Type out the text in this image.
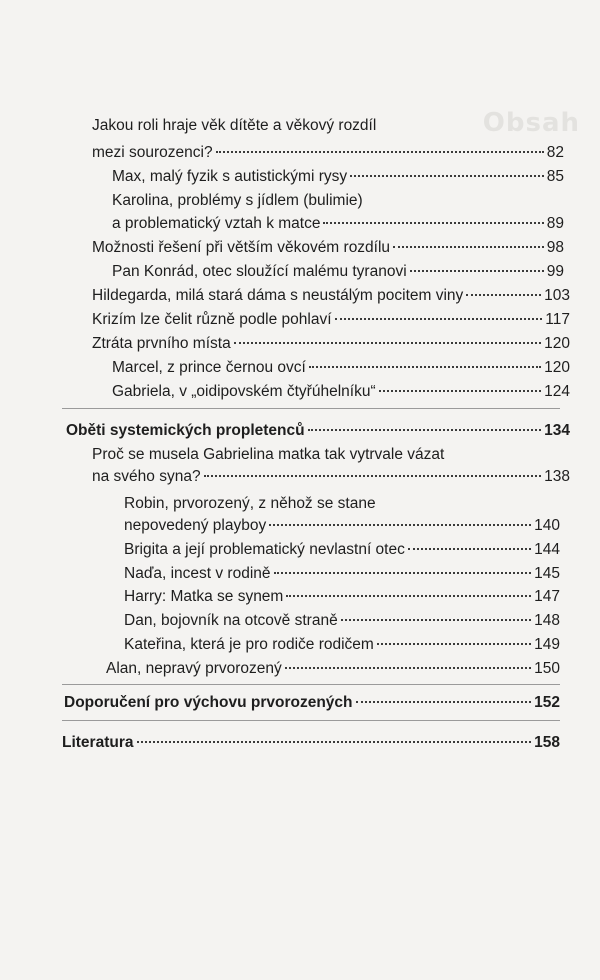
Obsah
Jakou roli hraje věk dítěte a věkový rozdíl
mezi sourozenci?	82
Max, malý fyzik s autistickými rysy	85
Karolina, problémy s jídlem (bulimie)
a problematický vztah k matce	89
Možnosti řešení při větším věkovém rozdílu	98
Pan Konrád, otec sloužící malému tyranovi	99
Hildegarda, milá stará dáma s neustálým pocitem viny	103
Krizím lze čelit různě podle pohlaví	117
Ztráta prvního místa	120
Marcel, z prince černou ovcí	120
Gabriela, v „oidipovském čtyřúhelníku“	124
Oběti systemických propletenců	134
Proč se musela Gabrielina matka tak vytrvale vázat
na svého syna?	138
Robin, prvorozený, z něhož se stane
nepovedený playboy	140
Brigita a její problematický nevlastní otec	144
Naďa, incest v rodině	145
Harry: Matka se synem	147
Dan, bojovník na otcově straně	148
Kateřina, která je pro rodiče rodičem	149
Alan, nepravý prvorozený	150
Doporučení pro výchovu prvorozených	152
Literatura	158
